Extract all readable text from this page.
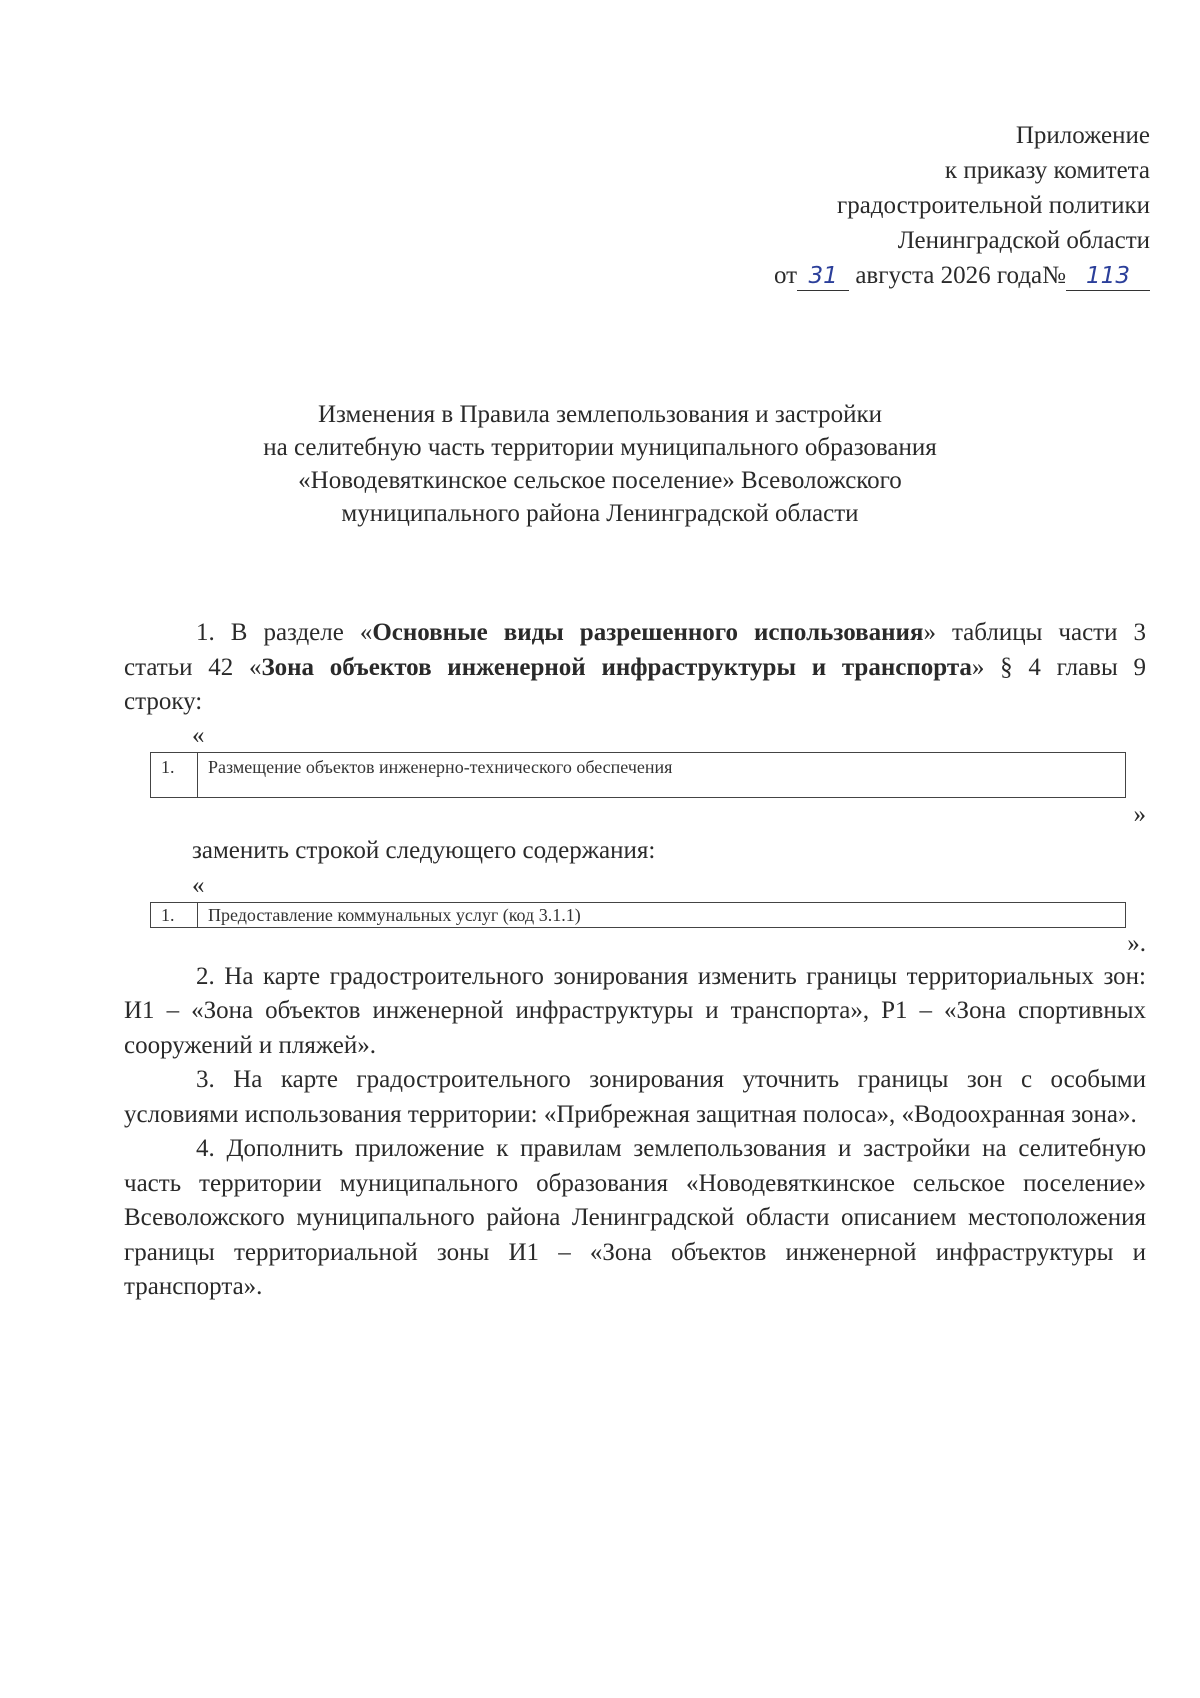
Приложение
к приказу комитета
градостроительной политики
Ленинградской области
от 31 августа 2026 года№ 113
Изменения в Правила землепользования и застройки
на селитебную часть территории муниципального образования
«Новодевяткинское сельское поселение» Всеволожского
муниципального района Ленинградской области
1. В разделе «Основные виды разрешенного использования» таблицы части 3 статьи 42 «Зона объектов инженерной инфраструктуры и транспорта» § 4 главы 9 строку:
«
1.	Размещение объектов инженерно-технического обеспечения
»
заменить строкой следующего содержания:
«
1.	Предоставление коммунальных услуг (код 3.1.1)
».
2. На карте градостроительного зонирования изменить границы территориальных зон: И1 – «Зона объектов инженерной инфраструктуры и транспорта», Р1 – «Зона спортивных сооружений и пляжей».
3. На карте градостроительного зонирования уточнить границы зон с особыми условиями использования территории: «Прибрежная защитная полоса», «Водоохранная зона».
4. Дополнить приложение к правилам землепользования и застройки на селитебную часть территории муниципального образования «Новодевяткинское сельское поселение» Всеволожского муниципального района Ленинградской области описанием местоположения границы территориальной зоны И1 – «Зона объектов инженерной инфраструктуры и транспорта».
